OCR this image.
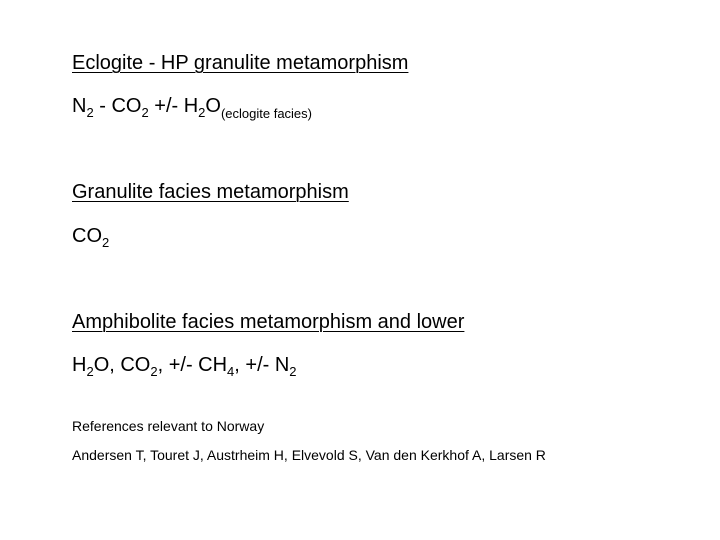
Eclogite - HP granulite metamorphism
$N_2 - CO_2$ +/- $H_2O_{(eclogite facies)}$
Granulite facies metamorphism
$CO_2$
Amphibolite facies metamorphism and lower
$H_2O$, $CO_2$, +/- $CH_4$, +/- $N_2$
References relevant to Norway
Andersen T, Touret J, Austrheim H, Elvevold S, Van den Kerkhof A, Larsen R
